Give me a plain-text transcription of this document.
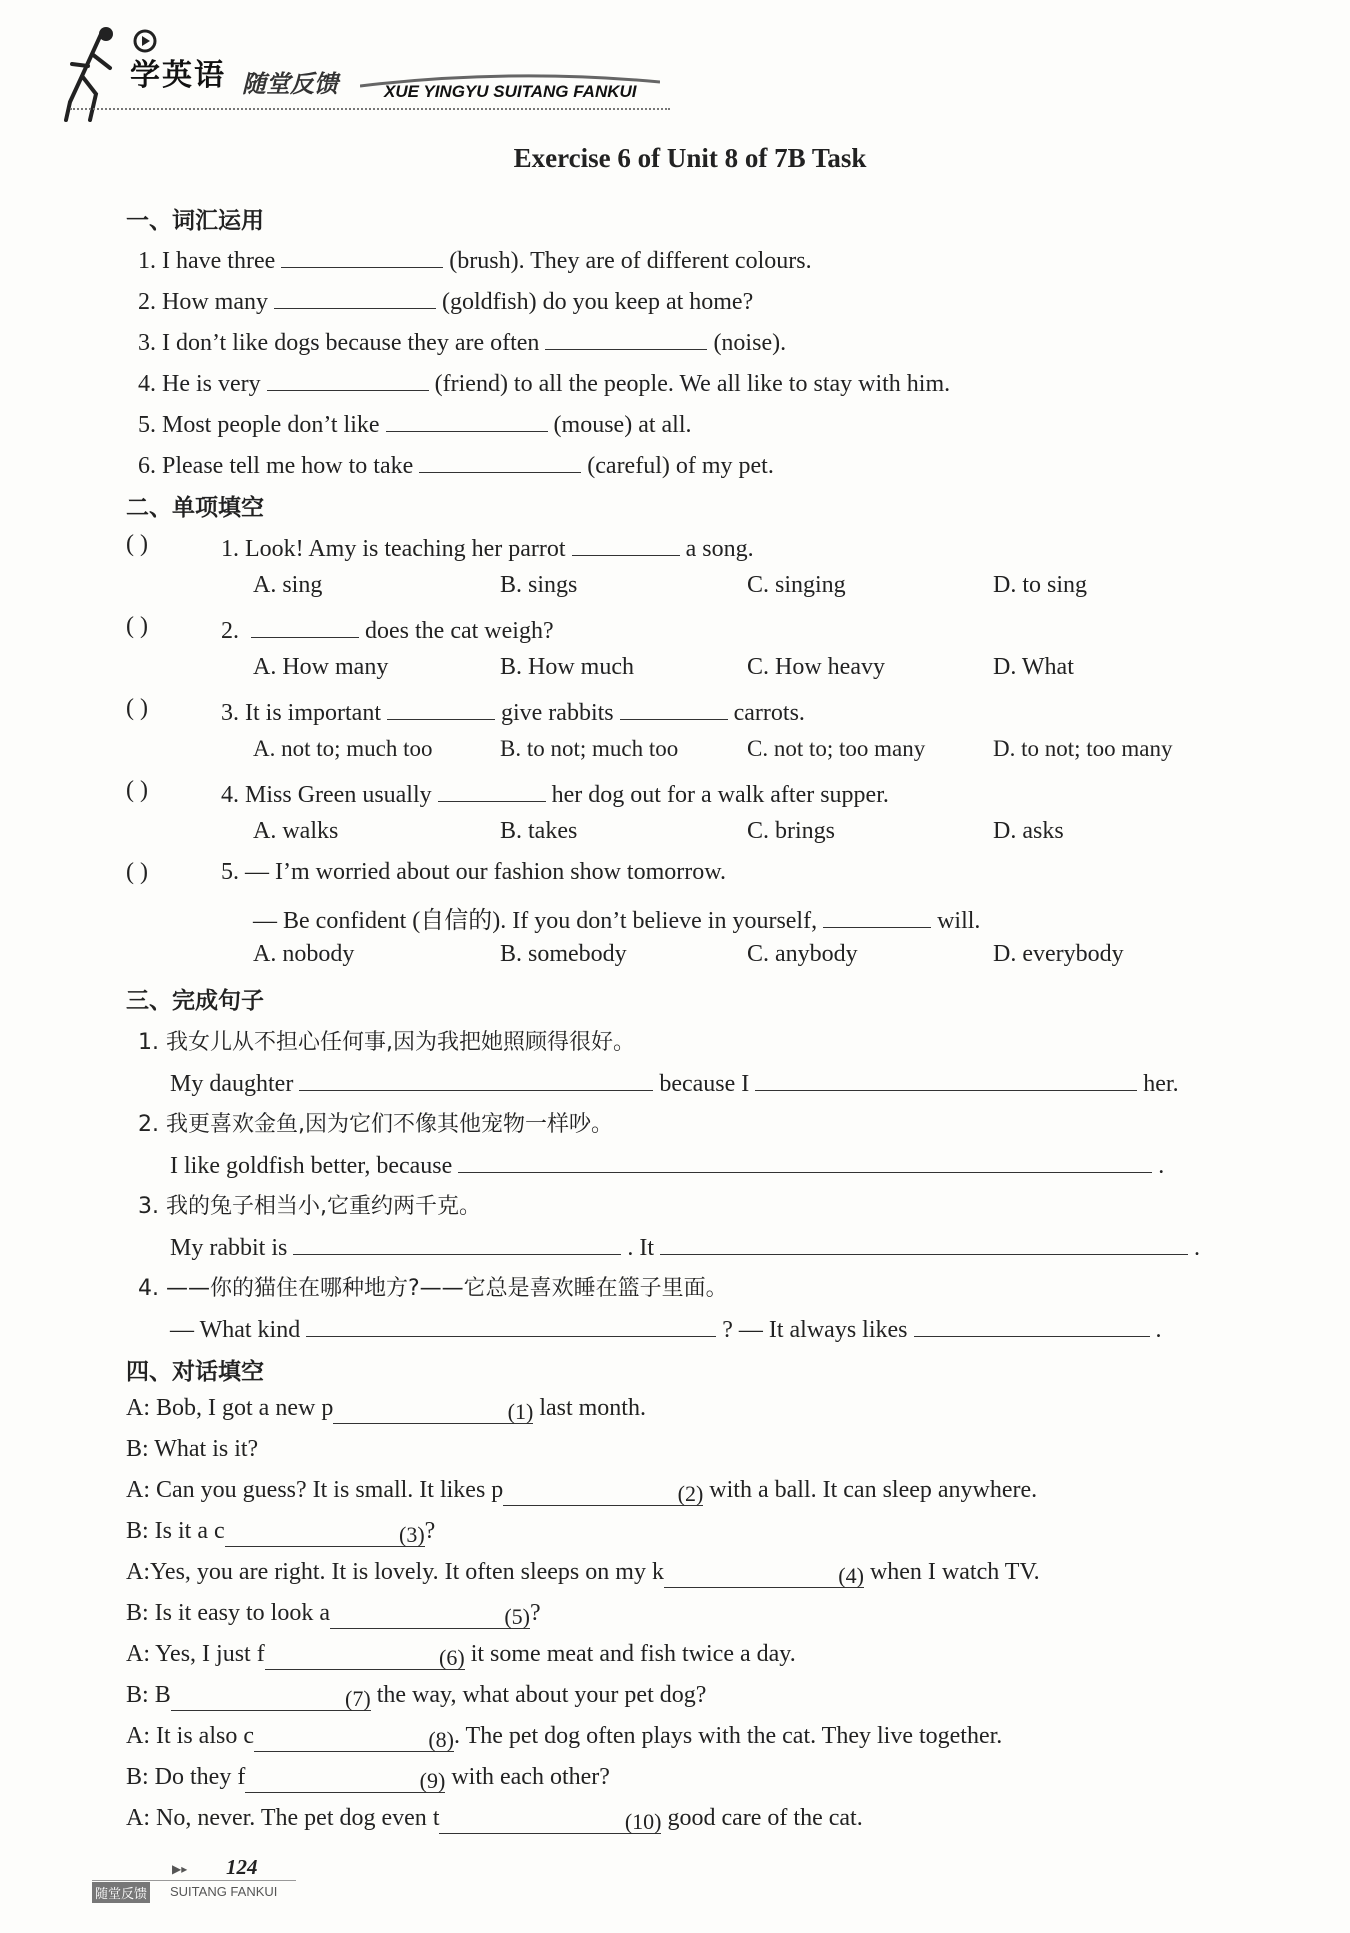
学英语 随堂反馈	XUE YINGYU SUITANG FANKUI
Exercise 6 of Unit 8 of 7B Task
一、词汇运用
1. I have three	(brush). They are of different colours.
2. How many	(goldfish) do you keep at home?
3. I don’t like dogs because they are often	(noise).
4. He is very	(friend) to all the people. We all like to stay with him.
5. Most people don’t like	(mouse) at all.
6. Please tell me how to take	(careful) of my pet.
二、单项填空
( )	1. Look! Amy is teaching her parrot	a song.
A. sing	B. sings	C. singing	D. to sing
( )	2.	does the cat weigh?
A. How many	B. How much	C. How heavy	D. What
( )	3. It is important	give rabbits	carrots.
A. not to; much too	B. to not; much too	C. not to; too many	D. to not; too many
( )	4. Miss Green usually	her dog out for a walk after supper.
A. walks	B. takes	C. brings	D. asks
( )	5. — I’m worried about our fashion show tomorrow.
— Be confident (自信的). If you don’t believe in yourself,	will.
A. nobody	B. somebody	C. anybody	D. everybody
三、完成句子
1. 我女儿从不担心任何事,因为我把她照顾得很好。
My daughter	because I	her.
2. 我更喜欢金鱼,因为它们不像其他宠物一样吵。
I like goldfish better, because	.
3. 我的兔子相当小,它重约两千克。
My rabbit is	. It	.
4. ——你的猫住在哪种地方?——它总是喜欢睡在篮子里面。
— What kind	? — It always likes	.
四、对话填空
A: Bob, I got a new p	(1) last month.
B: What is it?
A: Can you guess? It is small. It likes p	(2) with a ball. It can sleep anywhere.
B: Is it a c	(3)?
A:Yes, you are right. It is lovely. It often sleeps on my k	(4) when I watch TV.
B: Is it easy to look a	(5)?
A: Yes, I just f	(6) it some meat and fish twice a day.
B: B	(7) the way, what about your pet dog?
A: It is also c	(8). The pet dog often plays with the cat. They live together.
B: Do they f	(9) with each other?
A: No, never. The pet dog even t	(10) good care of the cat.
▶▸ 124
随堂反馈 SUITANG FANKUI
